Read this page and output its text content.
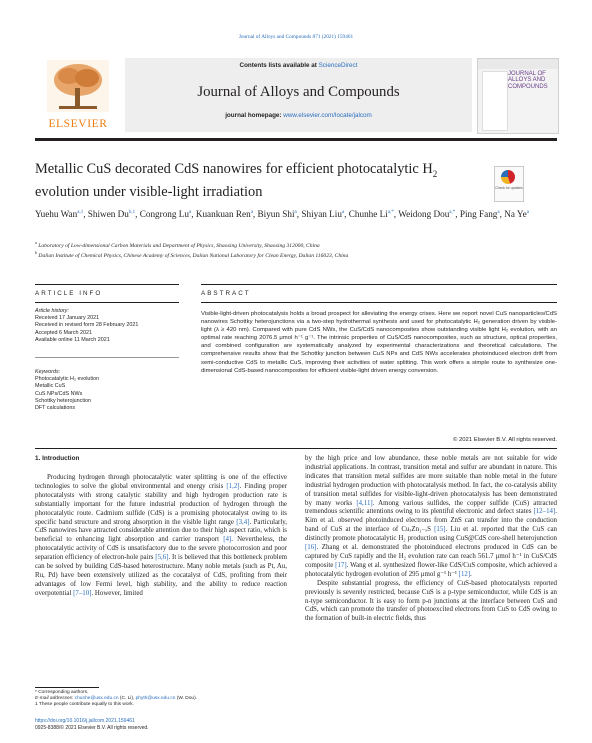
Journal of Alloys and Compounds 871 (2021) 159461
ELSEVIER
Contents lists available at ScienceDirect
Journal of Alloys and Compounds
journal homepage: www.elsevier.com/locate/jalcom
JOURNAL OF ALLOYS AND COMPOUNDS
Metallic CuS decorated CdS nanowires for efficient photocatalytic $H_2$
evolution under visible-light irradiation	Check for updates
Yuehu Wan$^{a,1}$, Shiwen Du$^{b,1}$, Congrong Lu$^a$, Kuankuan Ren$^a$, Biyun Shi$^a$, Shiyan Liu$^a$, Chunhe $Li^{a,*}$, Weidong Dou$^{a,*}$, Ping Fang$^a$, Na Ye$^a$
$^a$ Laboratory of Low-dimensional Carbon Materials and Department of Physics, Shaoxing University, Shaoxing 312000, China
$^b$ Dalian Institute of Chemical Physics, Chinese Academy of Sciences, Dalian National Laboratory for Clean Energy, Dalian 116023, China
ARTICLE INFO	ABSTRACT
Article history:
Received 17 January 2021
Received in revised form 28 February 2021
Accepted 6 March 2021
Available online 11 March 2021
Keywords:
Photocatalytic H₂ evolution
Metallic CuS
CuS NPs/CdS NWs
Schottky heterojunction
DFT calculations
Visible-light-driven photocatalysis holds a broad prospect for alleviating the energy crises. Here we report novel CuS nanoparticles/CdS nanowires Schottky heterojunctions via a two-step hydrothermal synthesis and used for photocatalytic H₂ generation driven by visible-light (λ ≥ 420 nm). Compared with pure CdS NWs, the CuS/CdS nanocomposites show outstanding visible light H₂ evolution, with an optimal rate reaching 2076.5 μmol h⁻¹ g⁻¹. The intrinsic properties of CuS/CdS nanocomposites, such as structure, optical properties, and combined configuration are systematically analyzed by experimental characterizations and theoretical calculations. The comprehensive results show that the Schottky junction between CuS NPs and CdS NWs accelerates photoinduced electron drift from semi-conductive CdS to metallic CuS, improving their activities of water splitting. This work offers a simple route to synthesize one-dimensional CdS-based nanocomposites for efficient visible-light driven energy conversion.
© 2021 Elsevier B.V. All rights reserved.
1. Introduction

Producing hydrogen through photocatalytic water splitting is one of the effective technologies to solve the global environmental and energy crisis [1,2]. Finding proper photocatalysts with strong catalytic stability and high hydrogen production rate is substantially important for the future industrial production of hydrogen through the photocatalytic route. Cadmium sulfide (CdS) is a promising photocatalyst owing to its specific band structure and strong absorption in the visible light range [3,4]. Particularly, CdS nanowires have attracted considerable attention due to their high aspect ratio, which is beneficial to enhancing light absorption and carrier transport [4]. Nevertheless, the photocatalytic activity of CdS is unsatisfactory due to the severe photocorrosion and poor separation efficiency of electron-hole pairs [5,6]. It is believed that this bottleneck problem can be solved by building CdS-based heterostructure. Many noble metals (such as Pt, Au, Ru, Pd) have been extensively utilized as the cocatalyst of CdS, profiting from their advantages of low Fermi level, high stability, and the ability to reduce reaction overpotential [7–10]. However, limited

by the high price and low abundance, these noble metals are not suitable for wide industrial applications. In contrast, transition metal and sulfur are abundant in nature. This indicates that transition metal sulfides are more suitable than noble metal in the future industrial hydrogen production with photocatalysis method. In fact, the co-catalysis ability of transition metal sulfides for visible-light-driven photocatalysis has been demonstrated by many works [4,11]. Among various sulfides, the copper sulfide (CuS) attracted tremendous scientific attentions owing to its plentiful electronic and defect states [12–14]. Kim et al. observed photoinduced electrons from ZnS can transfer into the conduction band of CuS at the interface of CuₓZn₁₋ₓS [15]. Liu et al. reported that the CuS can distinctly promote photocatalytic H₂ production using CuS@CdS core-shell heterojunction [16]. Zhang et al. demonstrated the photoinduced electrons produced in CdS can be captured by CuS rapidly and the H₂ evolution rate can reach 561.7 μmol h⁻¹ in CuS/CdS composite [17]. Wang et al. synthesized flower-like CdS/CuS composite, which achieved a photocatalytic hydrogen evolution of 295 μmol g⁻¹ h⁻¹ [12].

Despite substantial progress, the efficiency of CuS-based photocatalysts reported previously is severely restricted, because CuS is a p-type semiconductor, while CdS is an n-type semiconductor. It is easy to form p-n junctions at the interface between CuS and CdS, which can promote the transfer of photoexcited electrons from CuS to CdS owing to the formation of built-in electric fields, thus

* Corresponding authors.
E-mail addresses: chunhe@usx.edu.cn (C. Li), phyth@usx.edu.cn (W. Dou).
1 These people contribute equally to this work.
https://doi.org/10.1016/j.jallcom.2021.159461
0925-8388/© 2021 Elsevier B.V. All rights reserved.
